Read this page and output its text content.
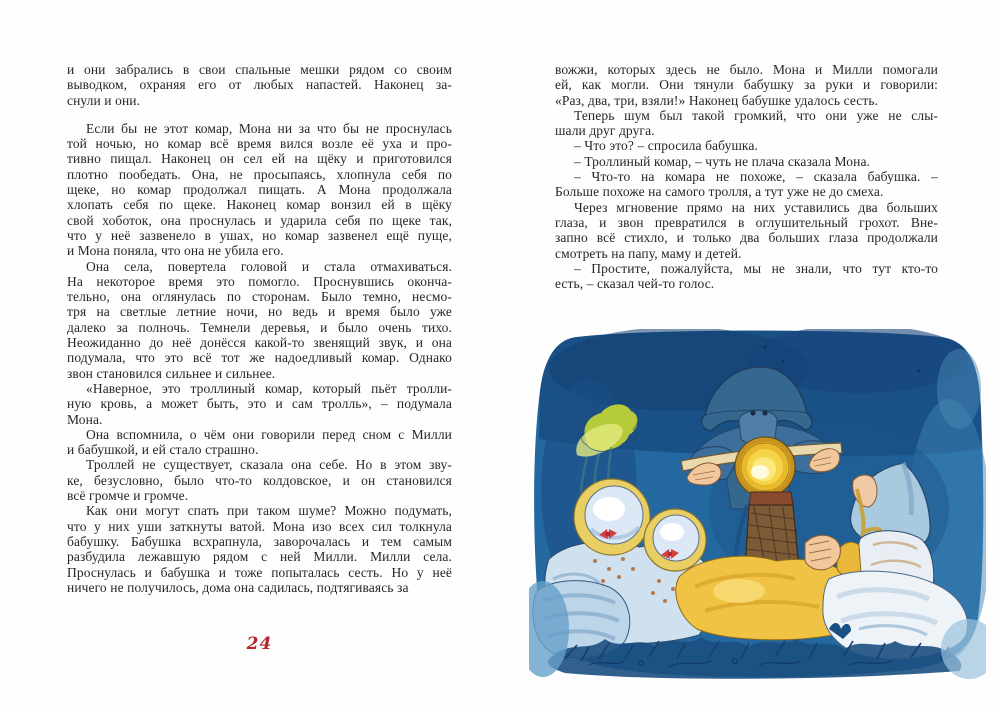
и они забрались в свои спальные мешки рядом со своим
выводком, охраняя его от любых напастей. Наконец за-
снули и они.
Если бы не этот комар, Мона ни за что бы не проснулась
той ночью, но комар всё время вился возле её уха и про-
тивно пищал. Наконец он сел ей на щёку и приготовился
плотно пообедать. Она, не просыпаясь, хлопнула себя по
щеке, но комар продолжал пищать. А Мона продолжала
хлопать себя по щеке. Наконец комар вонзил ей в щёку
свой хоботок, она проснулась и ударила себя по щеке так,
что у неё зазвенело в ушах, но комар зазвенел ещё пуще,
и Мона поняла, что она не убила его.
Она села, повертела головой и стала отмахиваться.
На некоторое время это помогло. Проснувшись оконча-
тельно, она оглянулась по сторонам. Было темно, несмо-
тря на светлые летние ночи, но ведь и время было уже
далеко за полночь. Темнели деревья, и было очень тихо.
Неожиданно до неё донёсся какой-то звенящий звук, и она
подумала, что это всё тот же надоедливый комар. Однако
звон становился сильнее и сильнее.
«Наверное, это троллиный комар, который пьёт тролли-
ную кровь, а может быть, это и сам тролль», – подумала
Мона.
Она вспомнила, о чём они говорили перед сном с Милли
и бабушкой, и ей стало страшно.
Троллей не существует, сказала она себе. Но в этом зву-
ке, безусловно, было что-то колдовское, и он становился
всё громче и громче.
Как они могут спать при таком шуме? Можно подумать,
что у них уши заткнуты ватой. Мона изо всех сил толкнула
бабушку. Бабушка всхрапнула, заворочалась и тем самым
разбудила лежавшую рядом с ней Милли. Милли села.
Проснулась и бабушка и тоже попыталась сесть. Но у неё
ничего не получилось, дома она садилась, подтягиваясь за
24
вожжи, которых здесь не было. Мона и Милли помогали
ей, как могли. Они тянули бабушку за руки и говорили:
«Раз, два, три, взяли!» Наконец бабушке удалось сесть.
Теперь шум был такой громкий, что они уже не слы-
шали друг друга.
– Что это? – спросила бабушка.
– Троллиный комар, – чуть не плача сказала Мона.
– Что-то на комара не похоже, – сказала бабушка. –
Больше похоже на самого тролля, а тут уже не до смеха.
Через мгновение прямо на них уставились два больших
глаза, и звон превратился в оглушительный грохот. Вне-
запно всё стихло, и только два больших глаза продолжали
смотреть на папу, маму и детей.
– Простите, пожалуйста, мы не знали, что тут кто-то
есть, – сказал чей-то голос.
